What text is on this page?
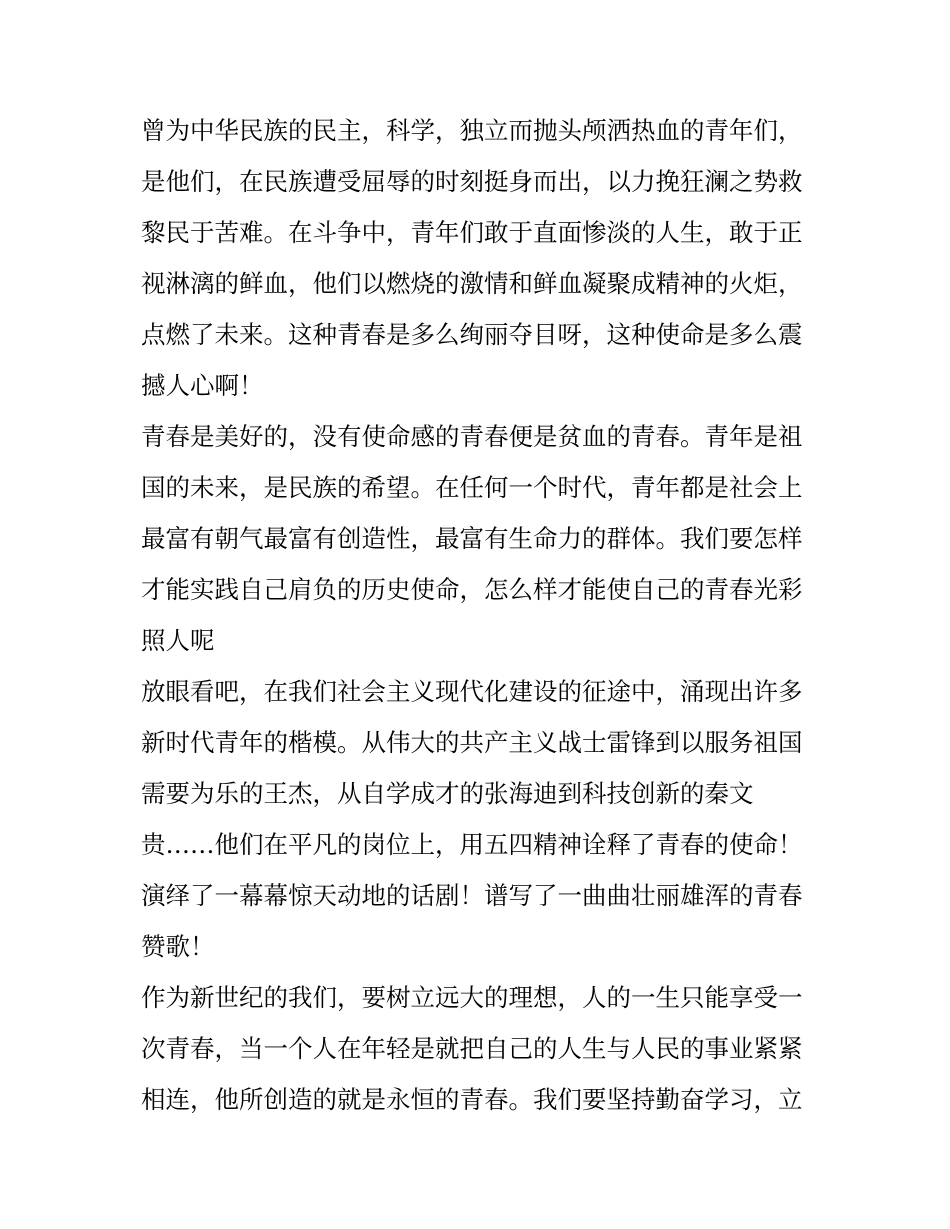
曾为中华民族的民主，科学，独立而抛头颅洒热血的青年们，
是他们，在民族遭受屈辱的时刻挺身而出，以力挽狂澜之势救
黎民于苦难。在斗争中，青年们敢于直面惨淡的人生，敢于正
视淋漓的鲜血，他们以燃烧的激情和鲜血凝聚成精神的火炬，
点燃了未来。这种青春是多么绚丽夺目呀，这种使命是多么震
撼人心啊！
青春是美好的，没有使命感的青春便是贫血的青春。青年是祖
国的未来，是民族的希望。在任何一个时代，青年都是社会上
最富有朝气最富有创造性，最富有生命力的群体。我们要怎样
才能实践自己肩负的历史使命，怎么样才能使自己的青春光彩
照人呢
放眼看吧，在我们社会主义现代化建设的征途中，涌现出许多
新时代青年的楷模。从伟大的共产主义战士雷锋到以服务祖国
需要为乐的王杰，从自学成才的张海迪到科技创新的秦文
贵……他们在平凡的岗位上，用五四精神诠释了青春的使命！
演绎了一幕幕惊天动地的话剧！谱写了一曲曲壮丽雄浑的青春
赞歌！
作为新世纪的我们，要树立远大的理想，人的一生只能享受一
次青春，当一个人在年轻是就把自己的人生与人民的事业紧紧
相连，他所创造的就是永恒的青春。我们要坚持勤奋学习，立
